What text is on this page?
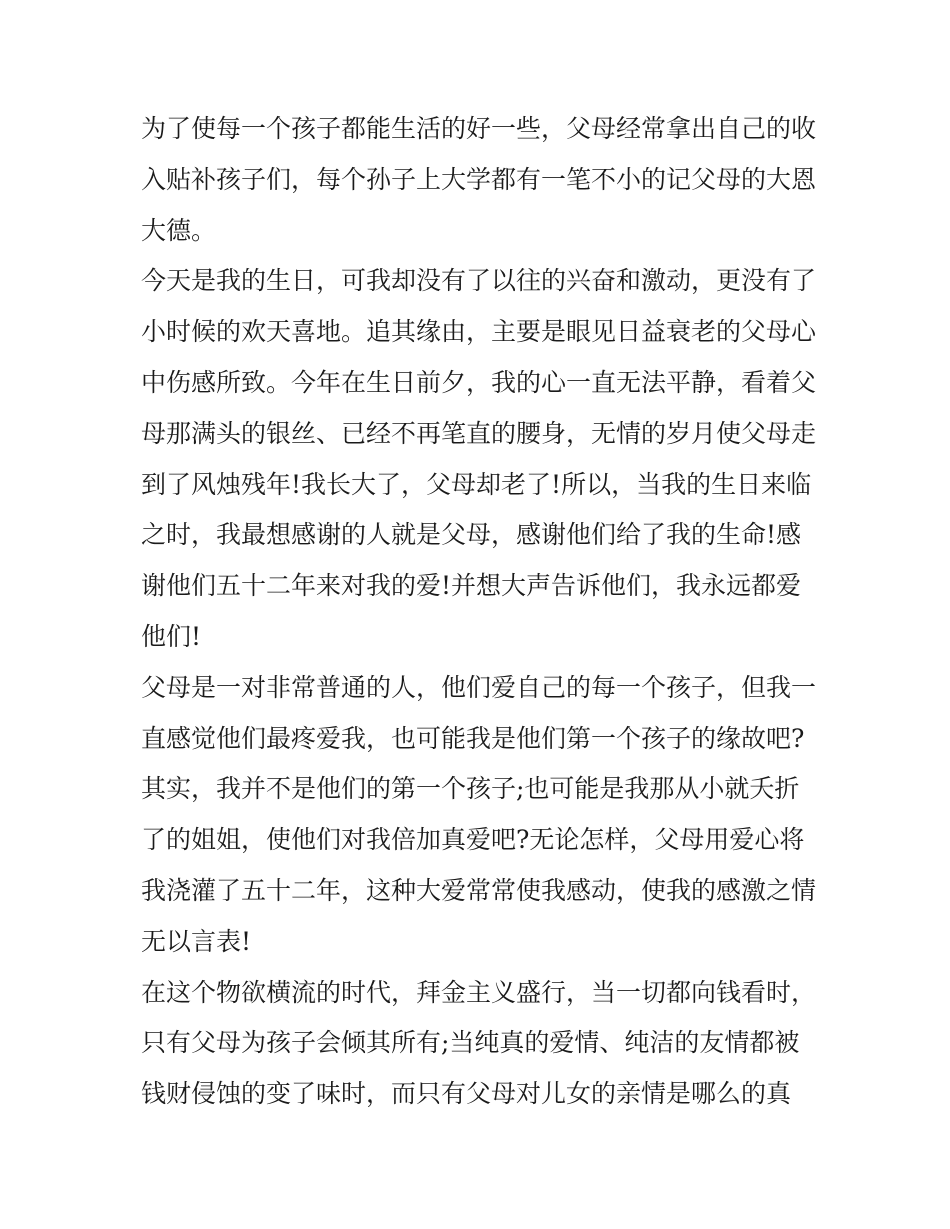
为了使每一个孩子都能生活的好一些，父母经常拿出自己的收
入贴补孩子们，每个孙子上大学都有一笔不小的记父母的大恩
大德。
今天是我的生日，可我却没有了以往的兴奋和激动，更没有了
小时候的欢天喜地。追其缘由，主要是眼见日益衰老的父母心
中伤感所致。今年在生日前夕，我的心一直无法平静，看着父
母那满头的银丝、已经不再笔直的腰身，无情的岁月使父母走
到了风烛残年!我长大了，父母却老了!所以，当我的生日来临
之时，我最想感谢的人就是父母，感谢他们给了我的生命!感
谢他们五十二年来对我的爱!并想大声告诉他们，我永远都爱
他们!
父母是一对非常普通的人，他们爱自己的每一个孩子，但我一
直感觉他们最疼爱我，也可能我是他们第一个孩子的缘故吧?
其实，我并不是他们的第一个孩子;也可能是我那从小就夭折
了的姐姐，使他们对我倍加真爱吧?无论怎样，父母用爱心将
我浇灌了五十二年，这种大爱常常使我感动，使我的感激之情
无以言表!
在这个物欲横流的时代，拜金主义盛行，当一切都向钱看时，
只有父母为孩子会倾其所有;当纯真的爱情、纯洁的友情都被
钱财侵蚀的变了味时，而只有父母对儿女的亲情是哪么的真
